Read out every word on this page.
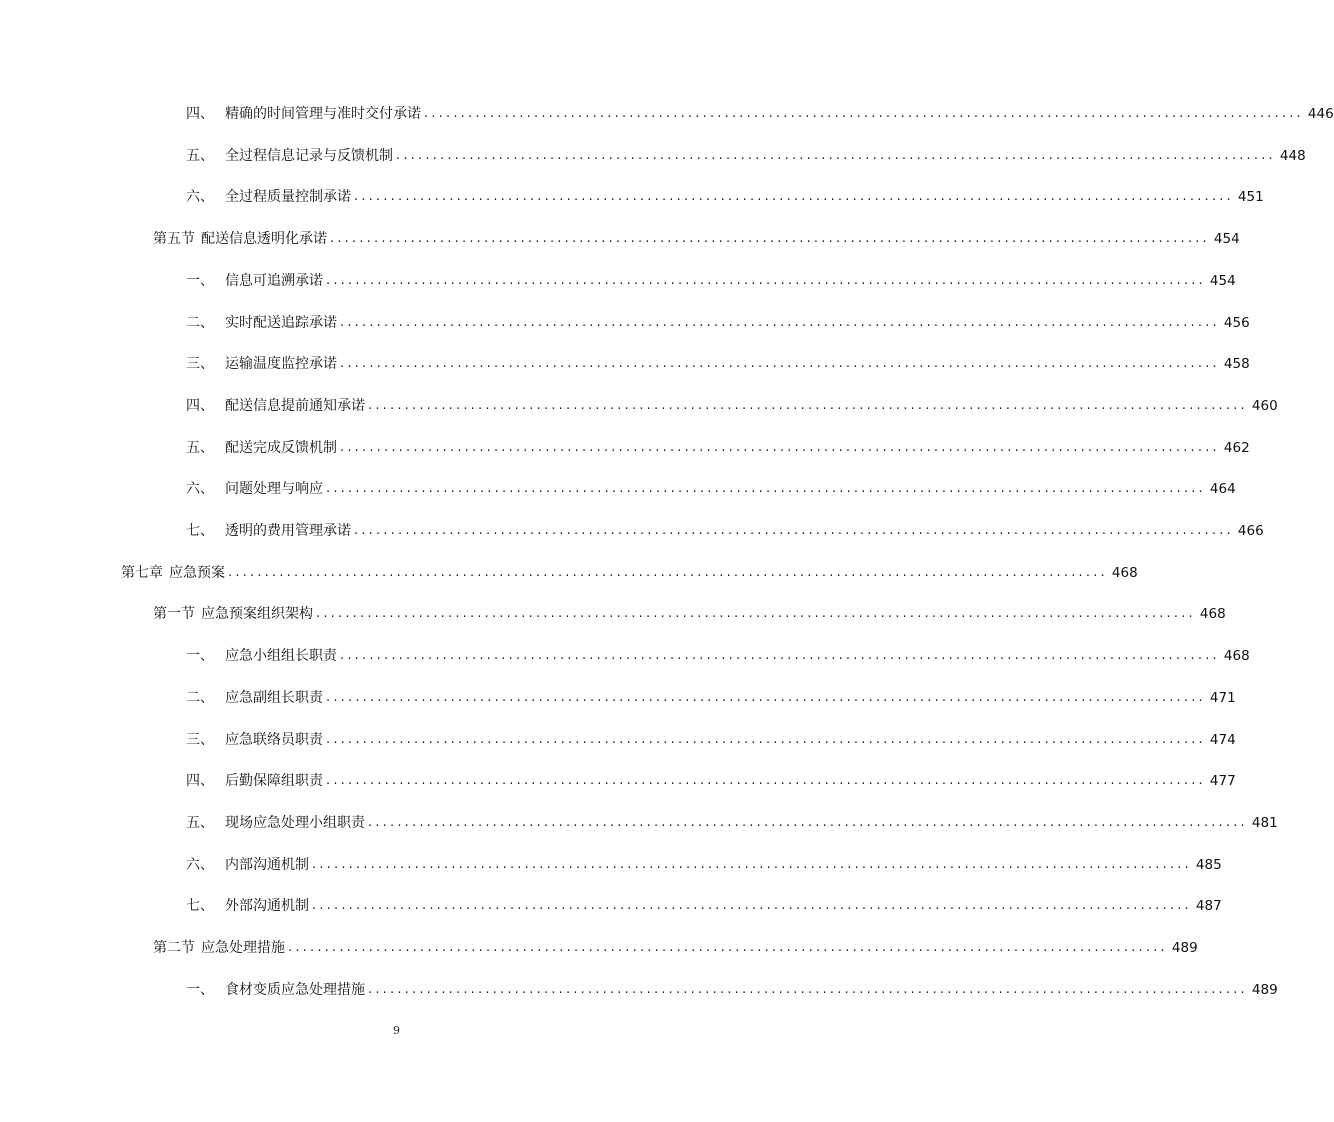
四、 精确的时间管理与准时交付承诺 ........................................................................................................................ 446
五、 全过程信息记录与反馈机制 ........................................................................................................................ 448
六、 全过程质量控制承诺 ........................................................................................................................ 451
第五节 配送信息透明化承诺 ........................................................................................................................ 454
一、 信息可追溯承诺 ........................................................................................................................ 454
二、 实时配送追踪承诺 ........................................................................................................................ 456
三、 运输温度监控承诺 ........................................................................................................................ 458
四、 配送信息提前通知承诺 ........................................................................................................................ 460
五、 配送完成反馈机制 ........................................................................................................................ 462
六、 问题处理与响应 ........................................................................................................................ 464
七、 透明的费用管理承诺 ........................................................................................................................ 466
第七章 应急预案 ........................................................................................................................ 468
第一节 应急预案组织架构 ........................................................................................................................ 468
一、 应急小组组长职责 ........................................................................................................................ 468
二、 应急副组长职责 ........................................................................................................................ 471
三、 应急联络员职责 ........................................................................................................................ 474
四、 后勤保障组职责 ........................................................................................................................ 477
五、 现场应急处理小组职责 ........................................................................................................................ 481
六、 内部沟通机制 ........................................................................................................................ 485
七、 外部沟通机制 ........................................................................................................................ 487
第二节 应急处理措施 ........................................................................................................................ 489
一、 食材变质应急处理措施 ........................................................................................................................ 489
9
